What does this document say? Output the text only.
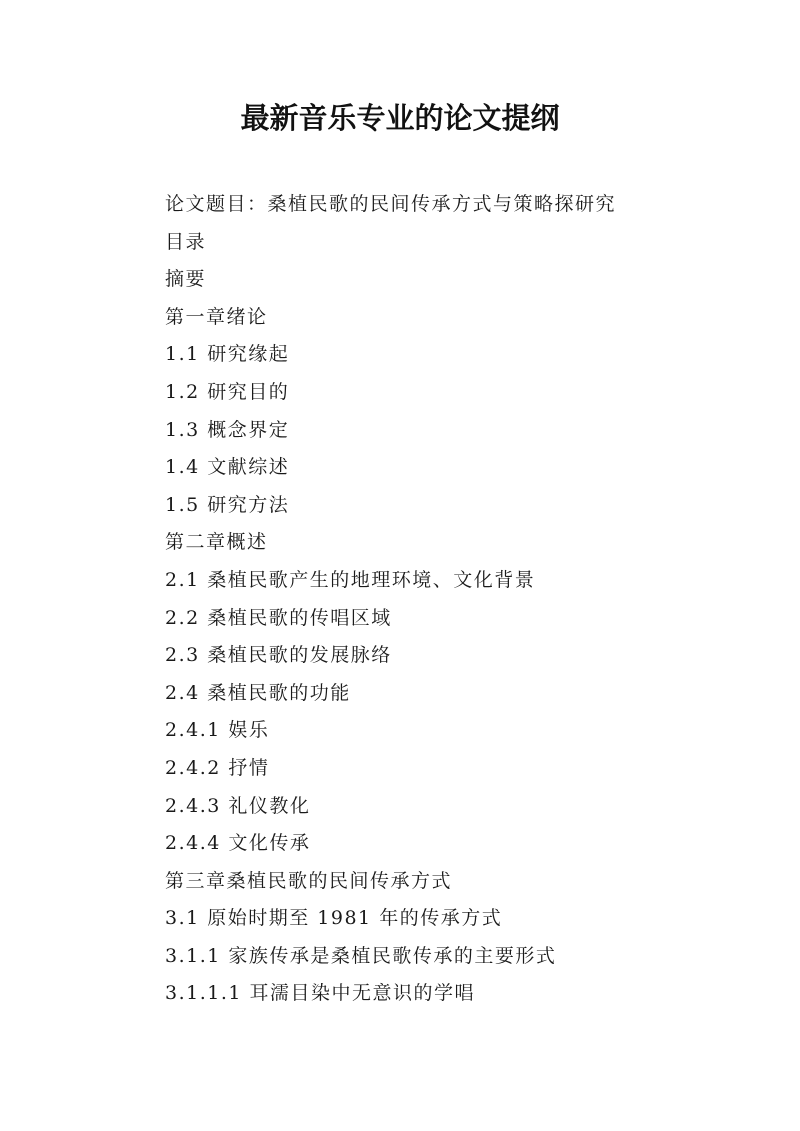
最新音乐专业的论文提纲
论文题目：桑植民歌的民间传承方式与策略探研究
目录
摘要
第一章绪论
1.1 研究缘起
1.2 研究目的
1.3 概念界定
1.4 文献综述
1.5 研究方法
第二章概述
2.1 桑植民歌产生的地理环境、文化背景
2.2 桑植民歌的传唱区域
2.3 桑植民歌的发展脉络
2.4 桑植民歌的功能
2.4.1 娱乐
2.4.2 抒情
2.4.3 礼仪教化
2.4.4 文化传承
第三章桑植民歌的民间传承方式
3.1 原始时期至 1981 年的传承方式
3.1.1 家族传承是桑植民歌传承的主要形式
3.1.1.1 耳濡目染中无意识的学唱
